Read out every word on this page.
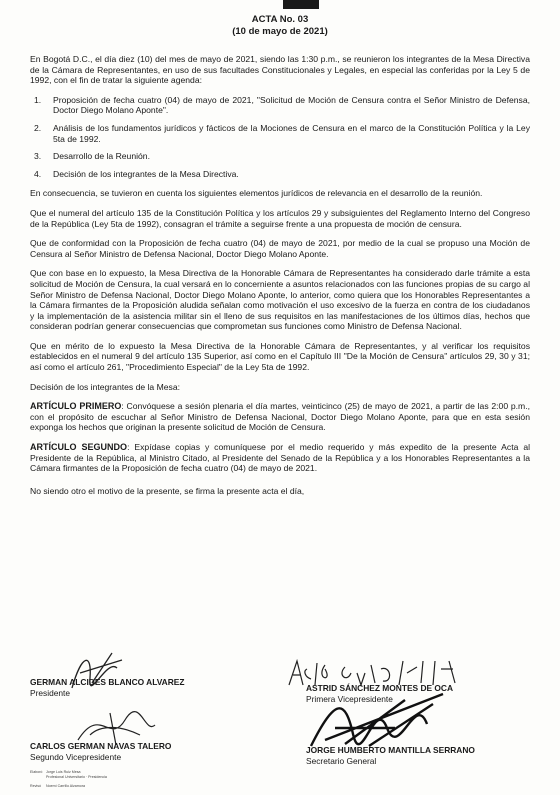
ACTA No. 03
(10 de mayo de 2021)

En Bogotá D.C., el día diez (10) del mes de mayo de 2021, siendo las 1:30 p.m., se reunieron los integrantes de la Mesa Directiva de la Cámara de Representantes, en uso de sus facultades Constitucionales y Legales, en especial las conferidas por la Ley 5 de 1992, con el fin de tratar la siguiente agenda:

1.	Proposición de fecha cuatro (04) de mayo de 2021, "Solicitud de Moción de Censura contra el Señor Ministro de Defensa, Doctor Diego Molano Aponte".
2.	Análisis de los fundamentos jurídicos y fácticos de la Mociones de Censura en el marco de la Constitución Política y la Ley 5ta de 1992.
3.	Desarrollo de la Reunión.
4.	Decisión de los integrantes de la Mesa Directiva.

En consecuencia, se tuvieron en cuenta los siguientes elementos jurídicos de relevancia en el desarrollo de la reunión.

Que el numeral del artículo 135 de la Constitución Política y los artículos 29 y subsiguientes del Reglamento Interno del Congreso de la República (Ley 5ta de 1992), consagran el trámite a seguirse frente a una propuesta de moción de censura.

Que de conformidad con la Proposición de fecha cuatro (04) de mayo de 2021, por medio de la cual se propuso una Moción de Censura al Señor Ministro de Defensa Nacional, Doctor Diego Molano Aponte.

Que con base en lo expuesto, la Mesa Directiva de la Honorable Cámara de Representantes ha considerado darle trámite a esta solicitud de Moción de Censura, la cual versará en lo concerniente a asuntos relacionados con las funciones propias de su cargo al Señor Ministro de Defensa Nacional, Doctor Diego Molano Aponte, lo anterior, como quiera que los Honorables Representantes a la Cámara firmantes de la Proposición aludida señalan como motivación el uso excesivo de la fuerza en contra de los ciudadanos y la implementación de la asistencia militar sin el lleno de sus requisitos en las manifestaciones de los últimos días, hechos que consideran podrían generar consecuencias que comprometan sus funciones como Ministro de Defensa Nacional.

Que en mérito de lo expuesto la Mesa Directiva de la Honorable Cámara de Representantes, y al verificar los requisitos establecidos en el numeral 9 del artículo 135 Superior, así como en el Capítulo III "De la Moción de Censura" artículos 29, 30 y 31; así como el artículo 261, "Procedimiento Especial" de la Ley 5ta de 1992.

Decisión de los integrantes de la Mesa:

ARTÍCULO PRIMERO: Convóquese a sesión plenaria el día martes, veinticinco (25) de mayo de 2021, a partir de las 2:00 p.m., con el propósito de escuchar al Señor Ministro de Defensa Nacional, Doctor Diego Molano Aponte, para que en esta sesión exponga los hechos que originan la presente solicitud de Moción de Censura.

ARTÍCULO SEGUNDO: Expídase copias y comuníquese por el medio requerido y más expedito de la presente Acta al Presidente de la República, al Ministro Citado, al Presidente del Senado de la República y a los Honorables Representantes a la Cámara firmantes de la Proposición de fecha cuatro (04) de mayo de 2021.

No siendo otro el motivo de la presente, se firma la presente acta el día,

GERMAN ALCIDES BLANCO ALVAREZ
Presidente	ASTRID SÁNCHEZ MONTES DE OCA
Primera Vicepresidente
CARLOS GERMAN NAVAS TALERO
Segundo Vicepresidente
JORGE HUMBERTO MANTILLA SERRANO
Secretario General
Elaboró	Jorge Luis Ruiz Mesa
Profesional Universitario · Presidencia
Revisó	Noemí Carrillo Alzamora
